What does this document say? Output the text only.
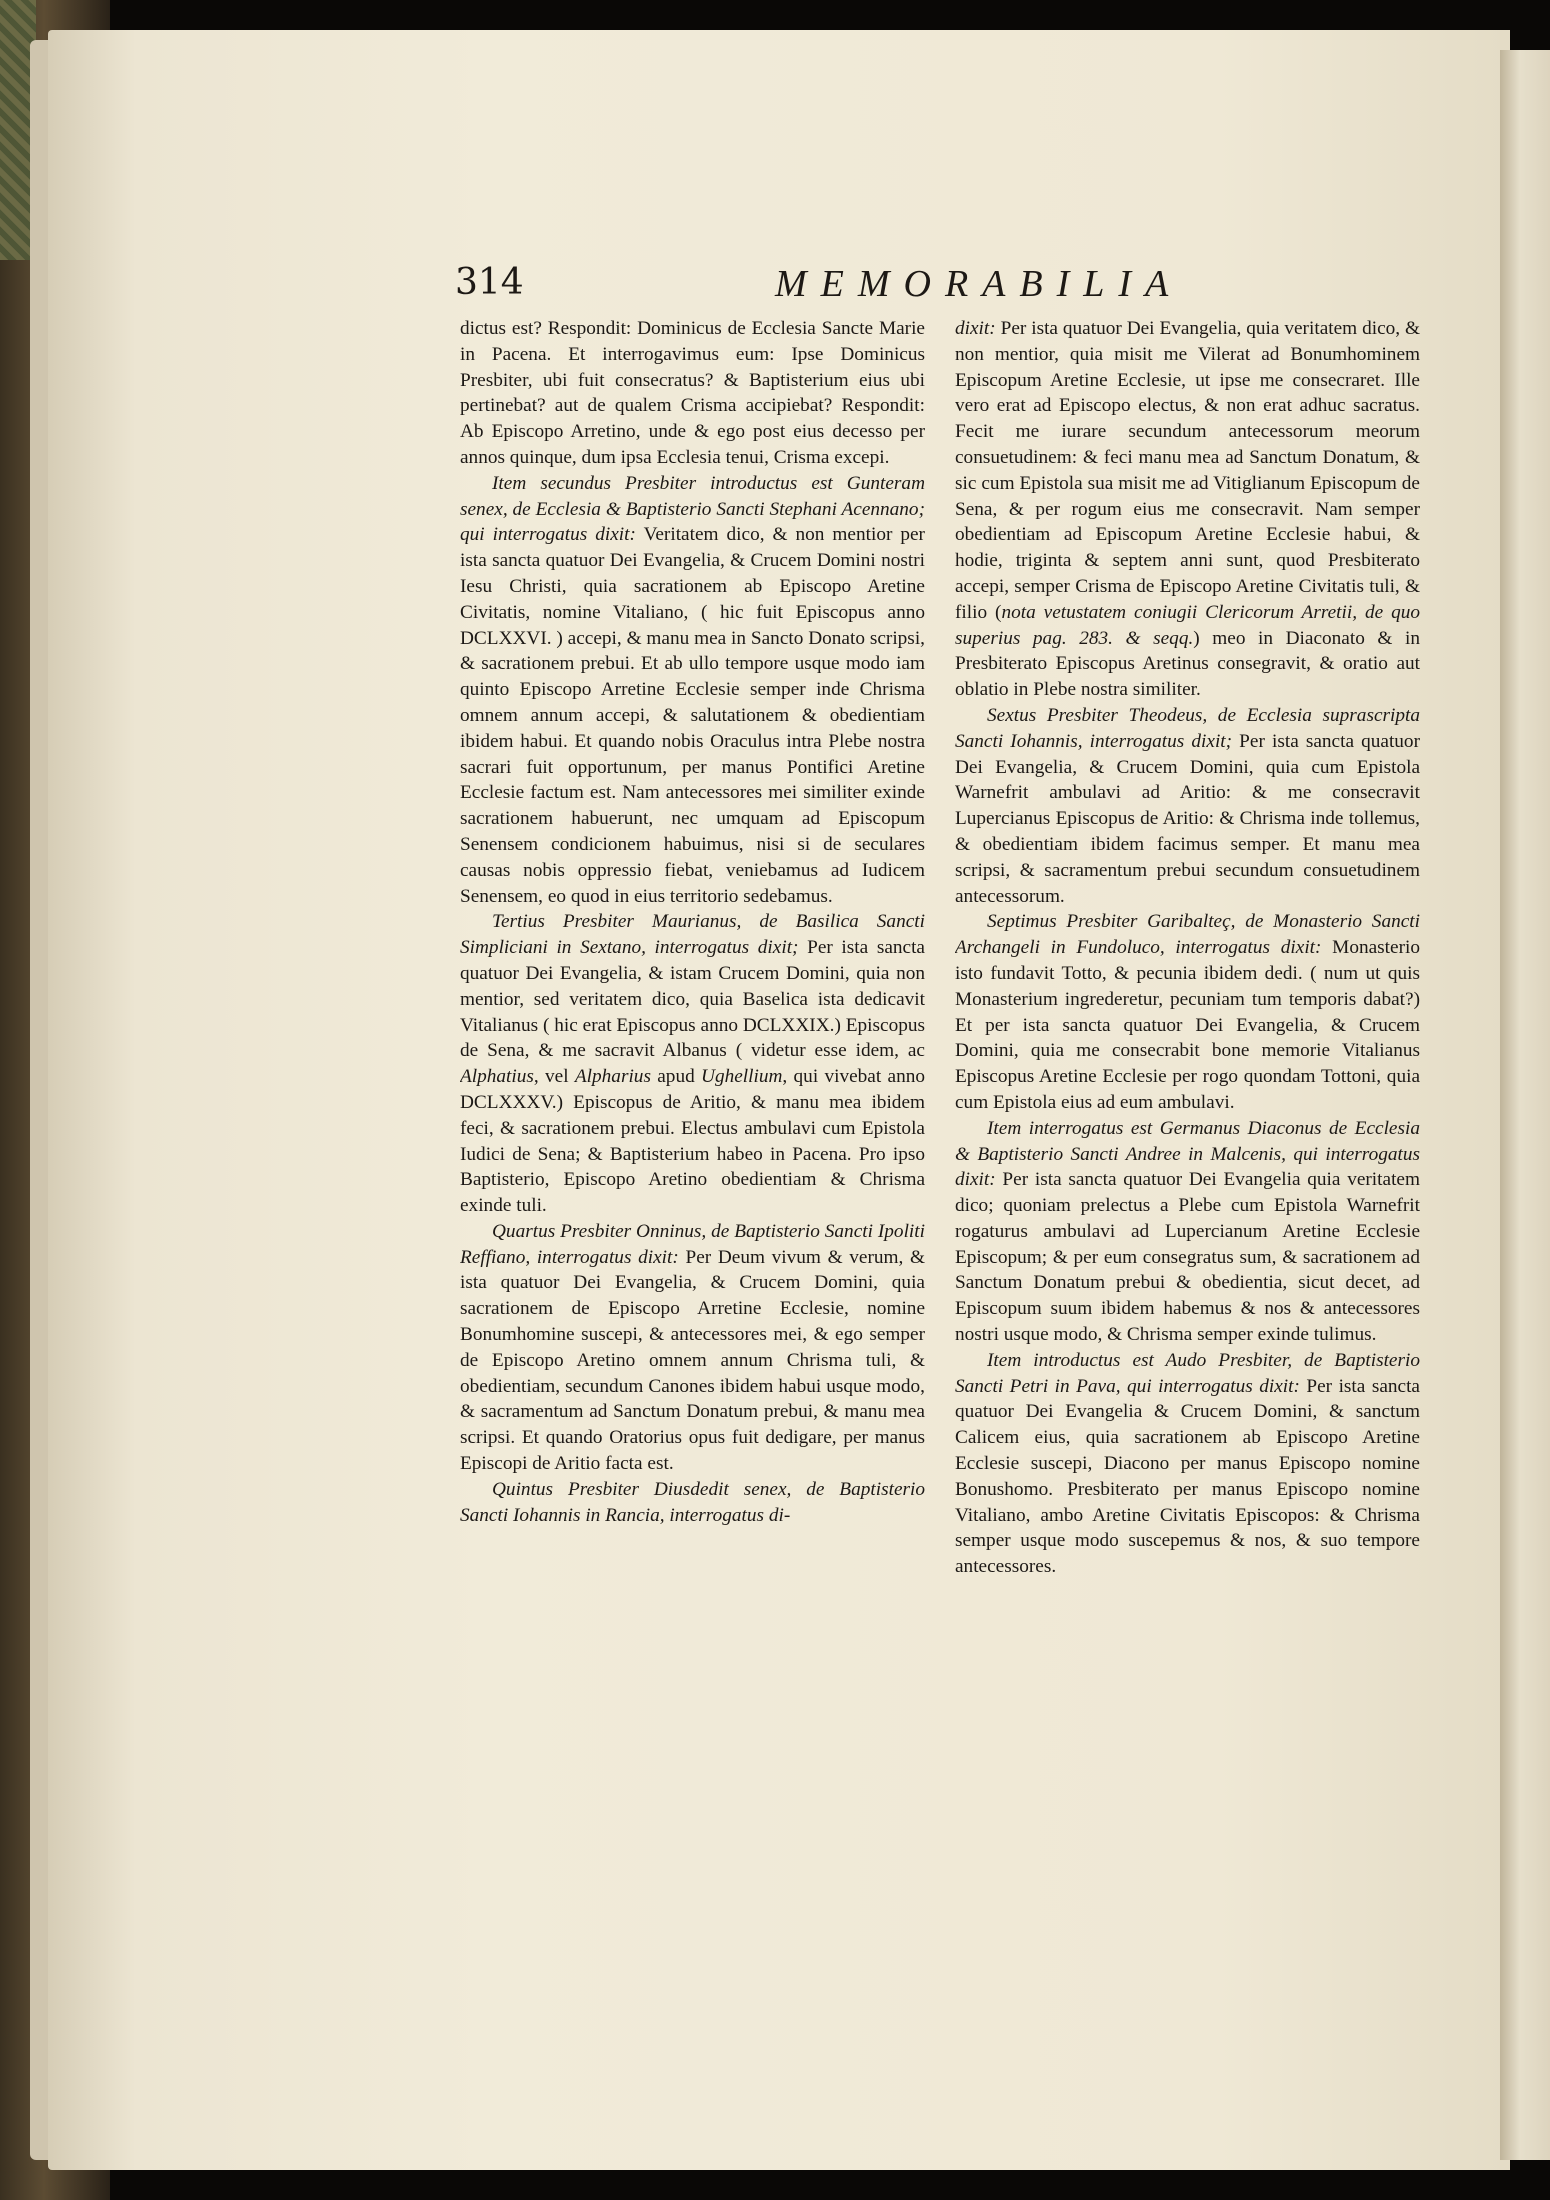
314	MEMORABILIA

dictus est? Respondit: Dominicus de Ecclesia Sancte Marie in Pacena. Et interrogavimus eum: Ipse Dominicus Presbiter, ubi fuit consecratus? & Baptisterium eius ubi pertinebat? aut de qualem Crisma accipiebat? Respondit: Ab Episcopo Arretino, unde & ego post eius decesso per annos quinque, dum ipsa Ecclesia tenui, Crisma excepi.

Item secundus Presbiter introductus est Gunteram senex, de Ecclesia & Baptisterio Sancti Stephani Acennano; qui interrogatus dixit: Veritatem dico, & non mentior per ista sancta quatuor Dei Evangelia, & Crucem Domini nostri Iesu Christi, quia sacrationem ab Episcopo Aretine Civitatis, nomine Vitaliano, ( hic fuit Episcopus anno DCLXXVI. ) accepi, & manu mea in Sancto Donato scripsi, & sacrationem prebui. Et ab ullo tempore usque modo iam quinto Episcopo Arretine Ecclesie semper inde Chrisma omnem annum accepi, & salutationem & obedientiam ibidem habui. Et quando nobis Oraculus intra Plebe nostra sacrari fuit opportunum, per manus Pontifici Aretine Ecclesie factum est. Nam antecessores mei similiter exinde sacrationem habuerunt, nec umquam ad Episcopum Senensem condicionem habuimus, nisi si de seculares causas nobis oppressio fiebat, veniebamus ad Iudicem Senensem, eo quod in eius territorio sedebamus.

Tertius Presbiter Maurianus, de Basilica Sancti Simpliciani in Sextano, interrogatus dixit; Per ista sancta quatuor Dei Evangelia, & istam Crucem Domini, quia non mentior, sed veritatem dico, quia Baselica ista dedicavit Vitalianus ( hic erat Episcopus anno DCLXXIX.) Episcopus de Sena, & me sacravit Albanus ( videtur esse idem, ac Alphatius, vel Alpharius apud Ughellium, qui vivebat anno DCLXXXV.) Episcopus de Aritio, & manu mea ibidem feci, & sacrationem prebui. Electus ambulavi cum Epistola Iudici de Sena; & Baptisterium habeo in Pacena. Pro ipso Baptisterio, Episcopo Aretino obedientiam & Chrisma exinde tuli.

Quartus Presbiter Onninus, de Baptisterio Sancti Ipoliti Reffiano, interrogatus dixit: Per Deum vivum & verum, & ista quatuor Dei Evangelia, & Crucem Domini, quia sacrationem de Episcopo Arretine Ecclesie, nomine Bonumhomine suscepi, & antecessores mei, & ego semper de Episcopo Aretino omnem annum Chrisma tuli, & obedientiam, secundum Canones ibidem habui usque modo, & sacramentum ad Sanctum Donatum prebui, & manu mea scripsi. Et quando Oratorius opus fuit dedigare, per manus Episcopi de Aritio facta est.

Quintus Presbiter Diusdedit senex, de Baptisterio Sancti Iohannis in Rancia, interrogatus di-

dixit: Per ista quatuor Dei Evangelia, quia veritatem dico, & non mentior, quia misit me Vilerat ad Bonumhominem Episcopum Aretine Ecclesie, ut ipse me consecraret. Ille vero erat ad Episcopo electus, & non erat adhuc sacratus. Fecit me iurare secundum antecessorum meorum consuetudinem: & feci manu mea ad Sanctum Donatum, & sic cum Epistola sua misit me ad Vitiglianum Episcopum de Sena, & per rogum eius me consecravit. Nam semper obedientiam ad Episcopum Aretine Ecclesie habui, & hodie, triginta & septem anni sunt, quod Presbiterato accepi, semper Crisma de Episcopo Aretine Civitatis tuli, & filio (nota vetustatem coniugii Clericorum Arretii, de quo superius pag. 283. & seqq.) meo in Diaconato & in Presbiterato Episcopus Aretinus consegravit, & oratio aut oblatio in Plebe nostra similiter.

Sextus Presbiter Theodeus, de Ecclesia suprascripta Sancti Iohannis, interrogatus dixit; Per ista sancta quatuor Dei Evangelia, & Crucem Domini, quia cum Epistola Warnefrit ambulavi ad Aritio: & me consecravit Lupercianus Episcopus de Aritio: & Chrisma inde tollemus, & obedientiam ibidem facimus semper. Et manu mea scripsi, & sacramentum prebui secundum consuetudinem antecessorum.

Septimus Presbiter Garibalteç, de Monasterio Sancti Archangeli in Fundoluco, interrogatus dixit: Monasterio isto fundavit Totto, & pecunia ibidem dedi. ( num ut quis Monasterium ingrederetur, pecuniam tum temporis dabat?) Et per ista sancta quatuor Dei Evangelia, & Crucem Domini, quia me consecrabit bone memorie Vitalianus Episcopus Aretine Ecclesie per rogo quondam Tottoni, quia cum Epistola eius ad eum ambulavi.

Item interrogatus est Germanus Diaconus de Ecclesia & Baptisterio Sancti Andree in Malcenis, qui interrogatus dixit: Per ista sancta quatuor Dei Evangelia quia veritatem dico; quoniam prelectus a Plebe cum Epistola Warnefrit rogaturus ambulavi ad Lupercianum Aretine Ecclesie Episcopum; & per eum consegratus sum, & sacrationem ad Sanctum Donatum prebui & obedientia, sicut decet, ad Episcopum suum ibidem habemus & nos & antecessores nostri usque modo, & Chrisma semper exinde tulimus.

Item introductus est Audo Presbiter, de Baptisterio Sancti Petri in Pava, qui interrogatus dixit: Per ista sancta quatuor Dei Evangelia & Crucem Domini, & sanctum Calicem eius, quia sacrationem ab Episcopo Aretine Ecclesie suscepi, Diacono per manus Episcopo nomine Bonushomo. Presbiterato per manus Episcopo nomine Vitaliano, ambo Aretine Civitatis Episcopos: & Chrisma semper usque modo suscepemus & nos, & suo tempore antecessores.
